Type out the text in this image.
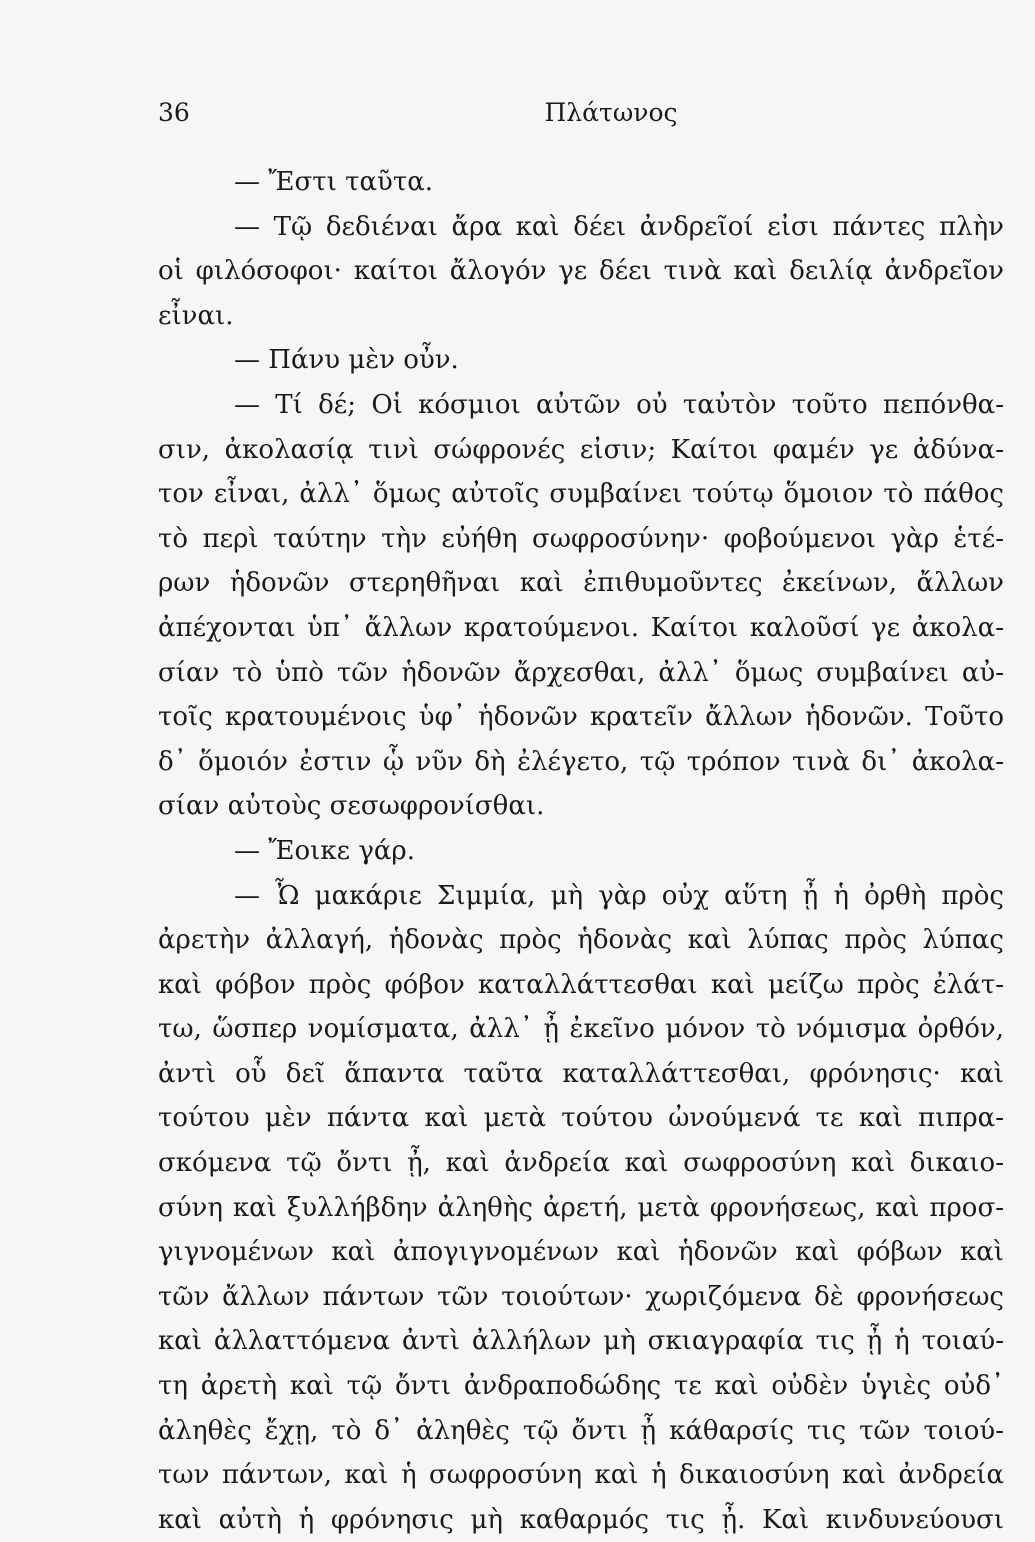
36	Πλάτωνος
— Ἔστι ταῦτα.
— Τῷ δεδιέναι ἄρα καὶ δέει ἀνδρεῖοί εἰσι πάντες πλὴν
οἱ φιλόσοφοι· καίτοι ἄλογόν γε δέει τινὰ καὶ δειλίᾳ ἀνδρεῖον
εἶναι.
— Πάνυ μὲν οὖν.
— Τί δέ; Οἱ κόσμιοι αὐτῶν οὐ ταὐτὸν τοῦτο πεπόνθα-
σιν, ἀκολασίᾳ τινὶ σώφρονές εἰσιν; Καίτοι φαμέν γε ἀδύνα-
τον εἶναι, ἀλλ᾽ ὅμως αὐτοῖς συμβαίνει τούτῳ ὅμοιον τὸ πάθος
τὸ περὶ ταύτην τὴν εὐήθη σωφροσύνην· φοβούμενοι γὰρ ἑτέ-
ρων ἡδονῶν στερηθῆναι καὶ ἐπιθυμοῦντες ἐκείνων, ἄλλων
ἀπέχονται ὑπ᾽ ἄλλων κρατούμενοι. Καίτοι καλοῦσί γε ἀκολα-
σίαν τὸ ὑπὸ τῶν ἡδονῶν ἄρχεσθαι, ἀλλ᾽ ὅμως συμβαίνει αὐ-
τοῖς κρατουμένοις ὑφ᾽ ἡδονῶν κρατεῖν ἄλλων ἡδονῶν. Τοῦτο
δ᾽ ὅμοιόν ἐστιν ᾧ νῦν δὴ ἐλέγετο, τῷ τρόπον τινὰ δι᾽ ἀκολα-
σίαν αὐτοὺς σεσωφρονίσθαι.
— Ἔοικε γάρ.
— Ὦ μακάριε Σιμμία, μὴ γὰρ οὐχ αὕτη ᾖ ἡ ὀρθὴ πρὸς
ἀρετὴν ἀλλαγή, ἡδονὰς πρὸς ἡδονὰς καὶ λύπας πρὸς λύπας
καὶ φόβον πρὸς φόβον καταλλάττεσθαι καὶ μείζω πρὸς ἐλάτ-
τω, ὥσπερ νομίσματα, ἀλλ᾽ ᾖ ἐκεῖνο μόνον τὸ νόμισμα ὀρθόν,
ἀντὶ οὗ δεῖ ἅπαντα ταῦτα καταλλάττεσθαι, φρόνησις· καὶ
τούτου μὲν πάντα καὶ μετὰ τούτου ὠνούμενά τε καὶ πιπρα-
σκόμενα τῷ ὄντι ᾖ, καὶ ἀνδρεία καὶ σωφροσύνη καὶ δικαιο-
σύνη καὶ ξυλλήβδην ἀληθὴς ἀρετή, μετὰ φρονήσεως, καὶ προσ-
γιγνομένων καὶ ἀπογιγνομένων καὶ ἡδονῶν καὶ φόβων καὶ
τῶν ἄλλων πάντων τῶν τοιούτων· χωριζόμενα δὲ φρονήσεως
καὶ ἀλλαττόμενα ἀντὶ ἀλλήλων μὴ σκιαγραφία τις ᾖ ἡ τοιαύ-
τη ἀρετὴ καὶ τῷ ὄντι ἀνδραποδώδης τε καὶ οὐδὲν ὑγιὲς οὐδ᾽
ἀληθὲς ἔχῃ, τὸ δ᾽ ἀληθὲς τῷ ὄντι ᾖ κάθαρσίς τις τῶν τοιού-
των πάντων, καὶ ἡ σωφροσύνη καὶ ἡ δικαιοσύνη καὶ ἀνδρεία
καὶ αὐτὴ ἡ φρόνησις μὴ καθαρμός τις ᾖ. Καὶ κινδυνεύουσι
